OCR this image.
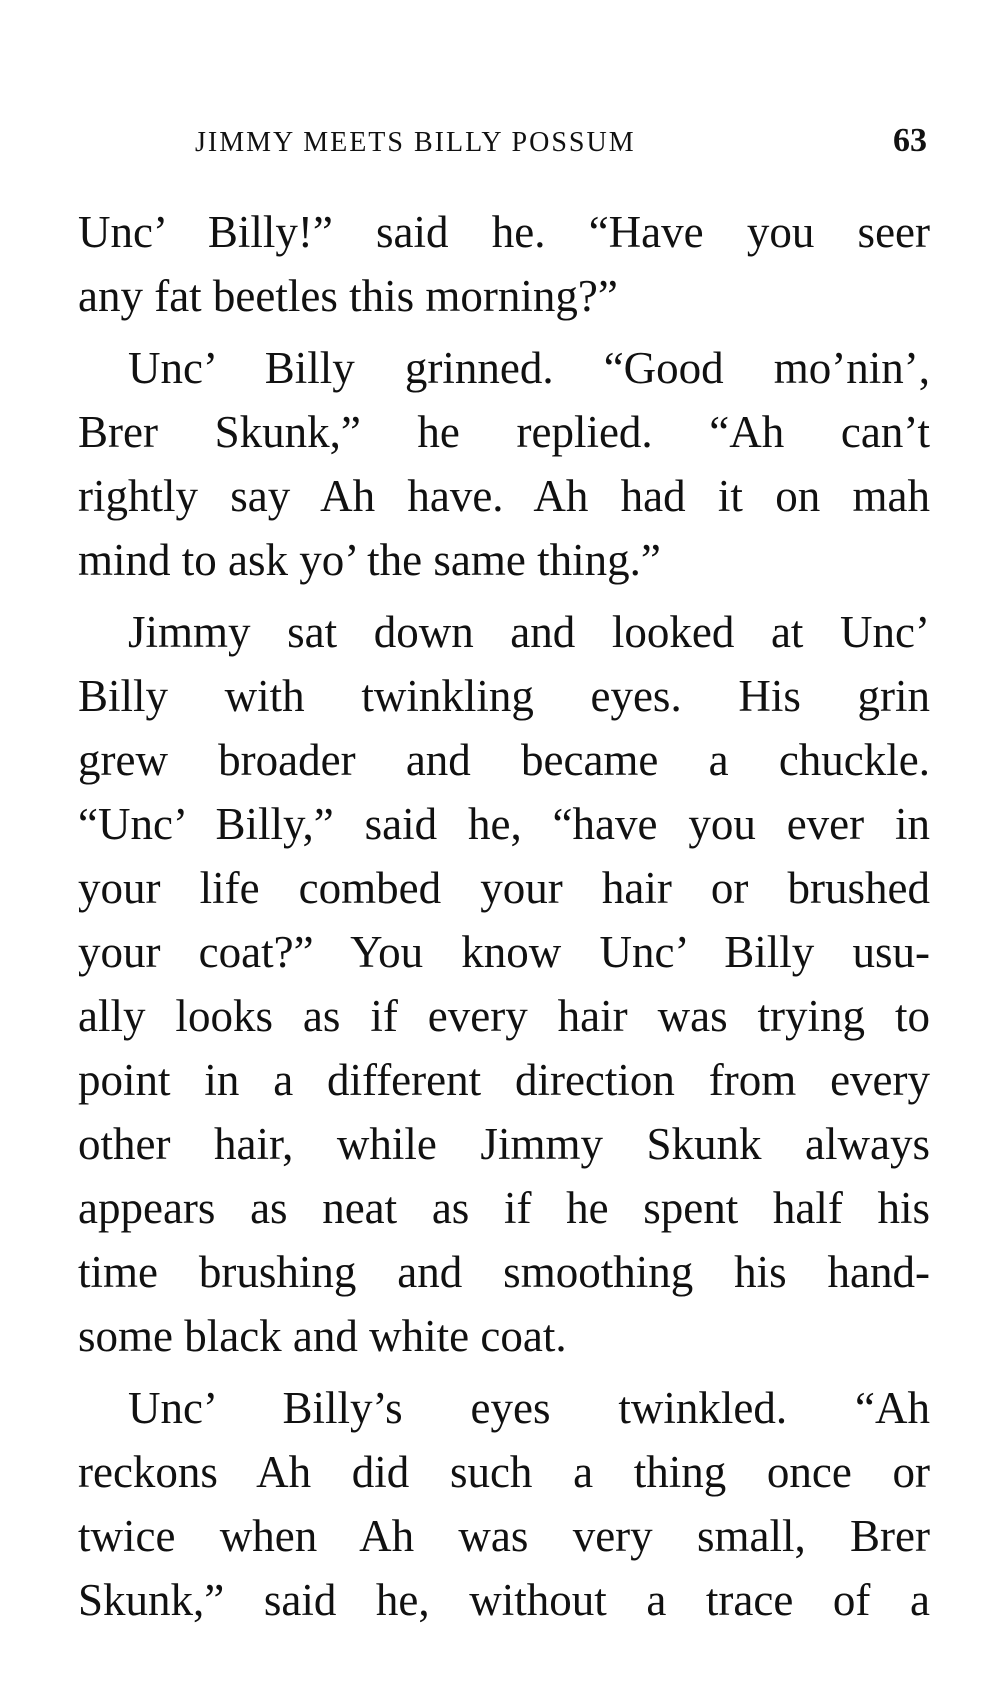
JIMMY MEETS BILLY POSSUM	63
Unc’ Billy!” said he. “Have you seer
any fat beetles this morning?”
Unc’ Billy grinned. “Good mo’nin’,
Brer Skunk,” he replied. “Ah can’t
rightly say Ah have. Ah had it on mah
mind to ask yo’ the same thing.”
Jimmy sat down and looked at Unc’
Billy with twinkling eyes. His grin
grew broader and became a chuckle.
“Unc’ Billy,” said he, “have you ever in
your life combed your hair or brushed
your coat?” You know Unc’ Billy usu-
ally looks as if every hair was trying to
point in a different direction from every
other hair, while Jimmy Skunk always
appears as neat as if he spent half his
time brushing and smoothing his hand-
some black and white coat.
Unc’ Billy’s eyes twinkled. “Ah
reckons Ah did such a thing once or
twice when Ah was very small, Brer
Skunk,” said he, without a trace of a
